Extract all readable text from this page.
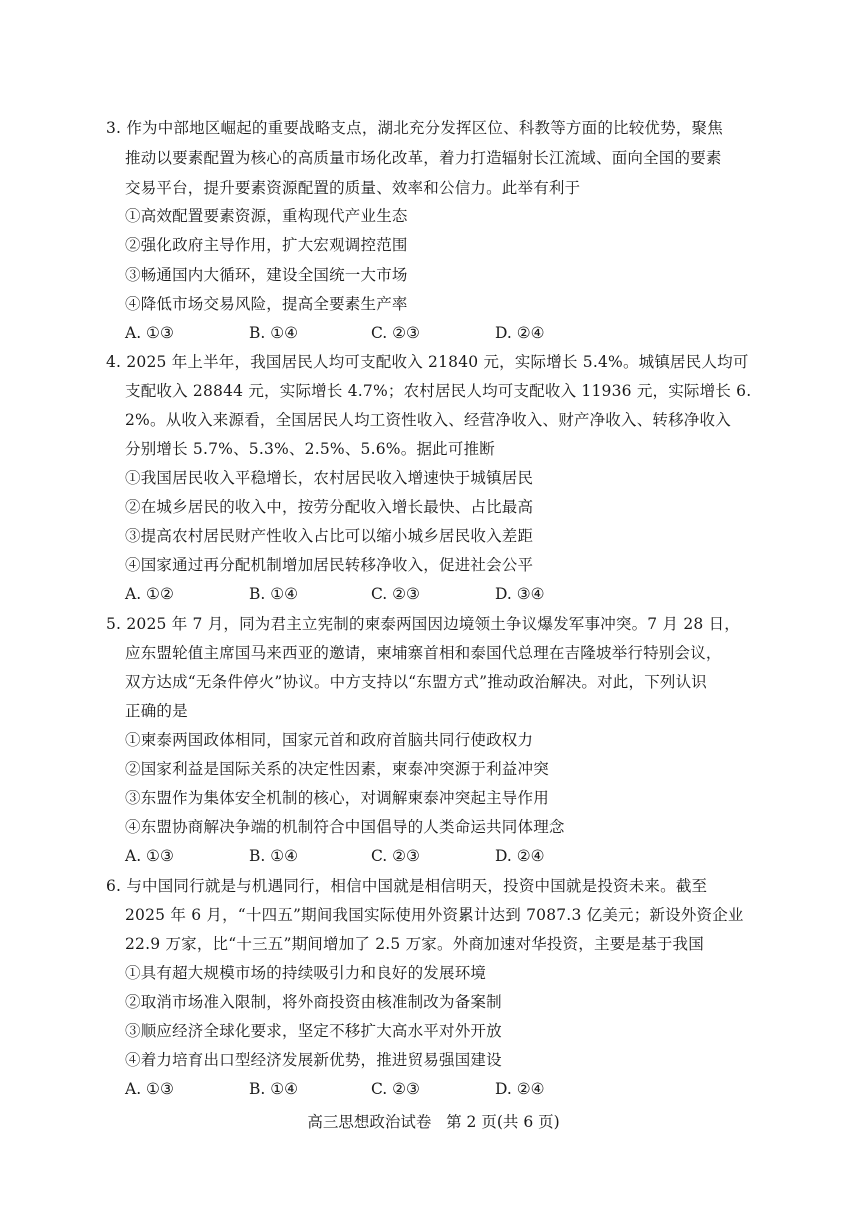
3. 作为中部地区崛起的重要战略支点，湖北充分发挥区位、科教等方面的比较优势，聚焦
推动以要素配置为核心的高质量市场化改革，着力打造辐射长江流域、面向全国的要素
交易平台，提升要素资源配置的质量、效率和公信力。此举有利于
①高效配置要素资源，重构现代产业生态
②强化政府主导作用，扩大宏观调控范围
③畅通国内大循环，建设全国统一大市场
④降低市场交易风险，提高全要素生产率
A. ①③	B. ①④	C. ②③	D. ②④
4. 2025 年上半年，我国居民人均可支配收入 21840 元，实际增长 5.4%。城镇居民人均可
支配收入 28844 元，实际增长 4.7%；农村居民人均可支配收入 11936 元，实际增长 6.
2%。从收入来源看，全国居民人均工资性收入、经营净收入、财产净收入、转移净收入
分别增长 5.7%、5.3%、2.5%、5.6%。据此可推断
①我国居民收入平稳增长，农村居民收入增速快于城镇居民
②在城乡居民的收入中，按劳分配收入增长最快、占比最高
③提高农村居民财产性收入占比可以缩小城乡居民收入差距
④国家通过再分配机制增加居民转移净收入，促进社会公平
A. ①②	B. ①④	C. ②③	D. ③④
5. 2025 年 7 月，同为君主立宪制的柬泰两国因边境领土争议爆发军事冲突。7 月 28 日，
应东盟轮值主席国马来西亚的邀请，柬埔寨首相和泰国代总理在吉隆坡举行特别会议，
双方达成“无条件停火”协议。中方支持以“东盟方式”推动政治解决。对此，下列认识
正确的是
①柬泰两国政体相同，国家元首和政府首脑共同行使政权力
②国家利益是国际关系的决定性因素，柬泰冲突源于利益冲突
③东盟作为集体安全机制的核心，对调解柬泰冲突起主导作用
④东盟协商解决争端的机制符合中国倡导的人类命运共同体理念
A. ①③	B. ①④	C. ②③	D. ②④
6. 与中国同行就是与机遇同行，相信中国就是相信明天，投资中国就是投资未来。截至
2025 年 6 月，“十四五”期间我国实际使用外资累计达到 7087.3 亿美元；新设外资企业
22.9 万家，比“十三五”期间增加了 2.5 万家。外商加速对华投资，主要是基于我国
①具有超大规模市场的持续吸引力和良好的发展环境
②取消市场准入限制，将外商投资由核准制改为备案制
③顺应经济全球化要求，坚定不移扩大高水平对外开放
④着力培育出口型经济发展新优势，推进贸易强国建设
A. ①③	B. ①④	C. ②③	D. ②④
高三思想政治试卷   第 2 页(共 6 页)
